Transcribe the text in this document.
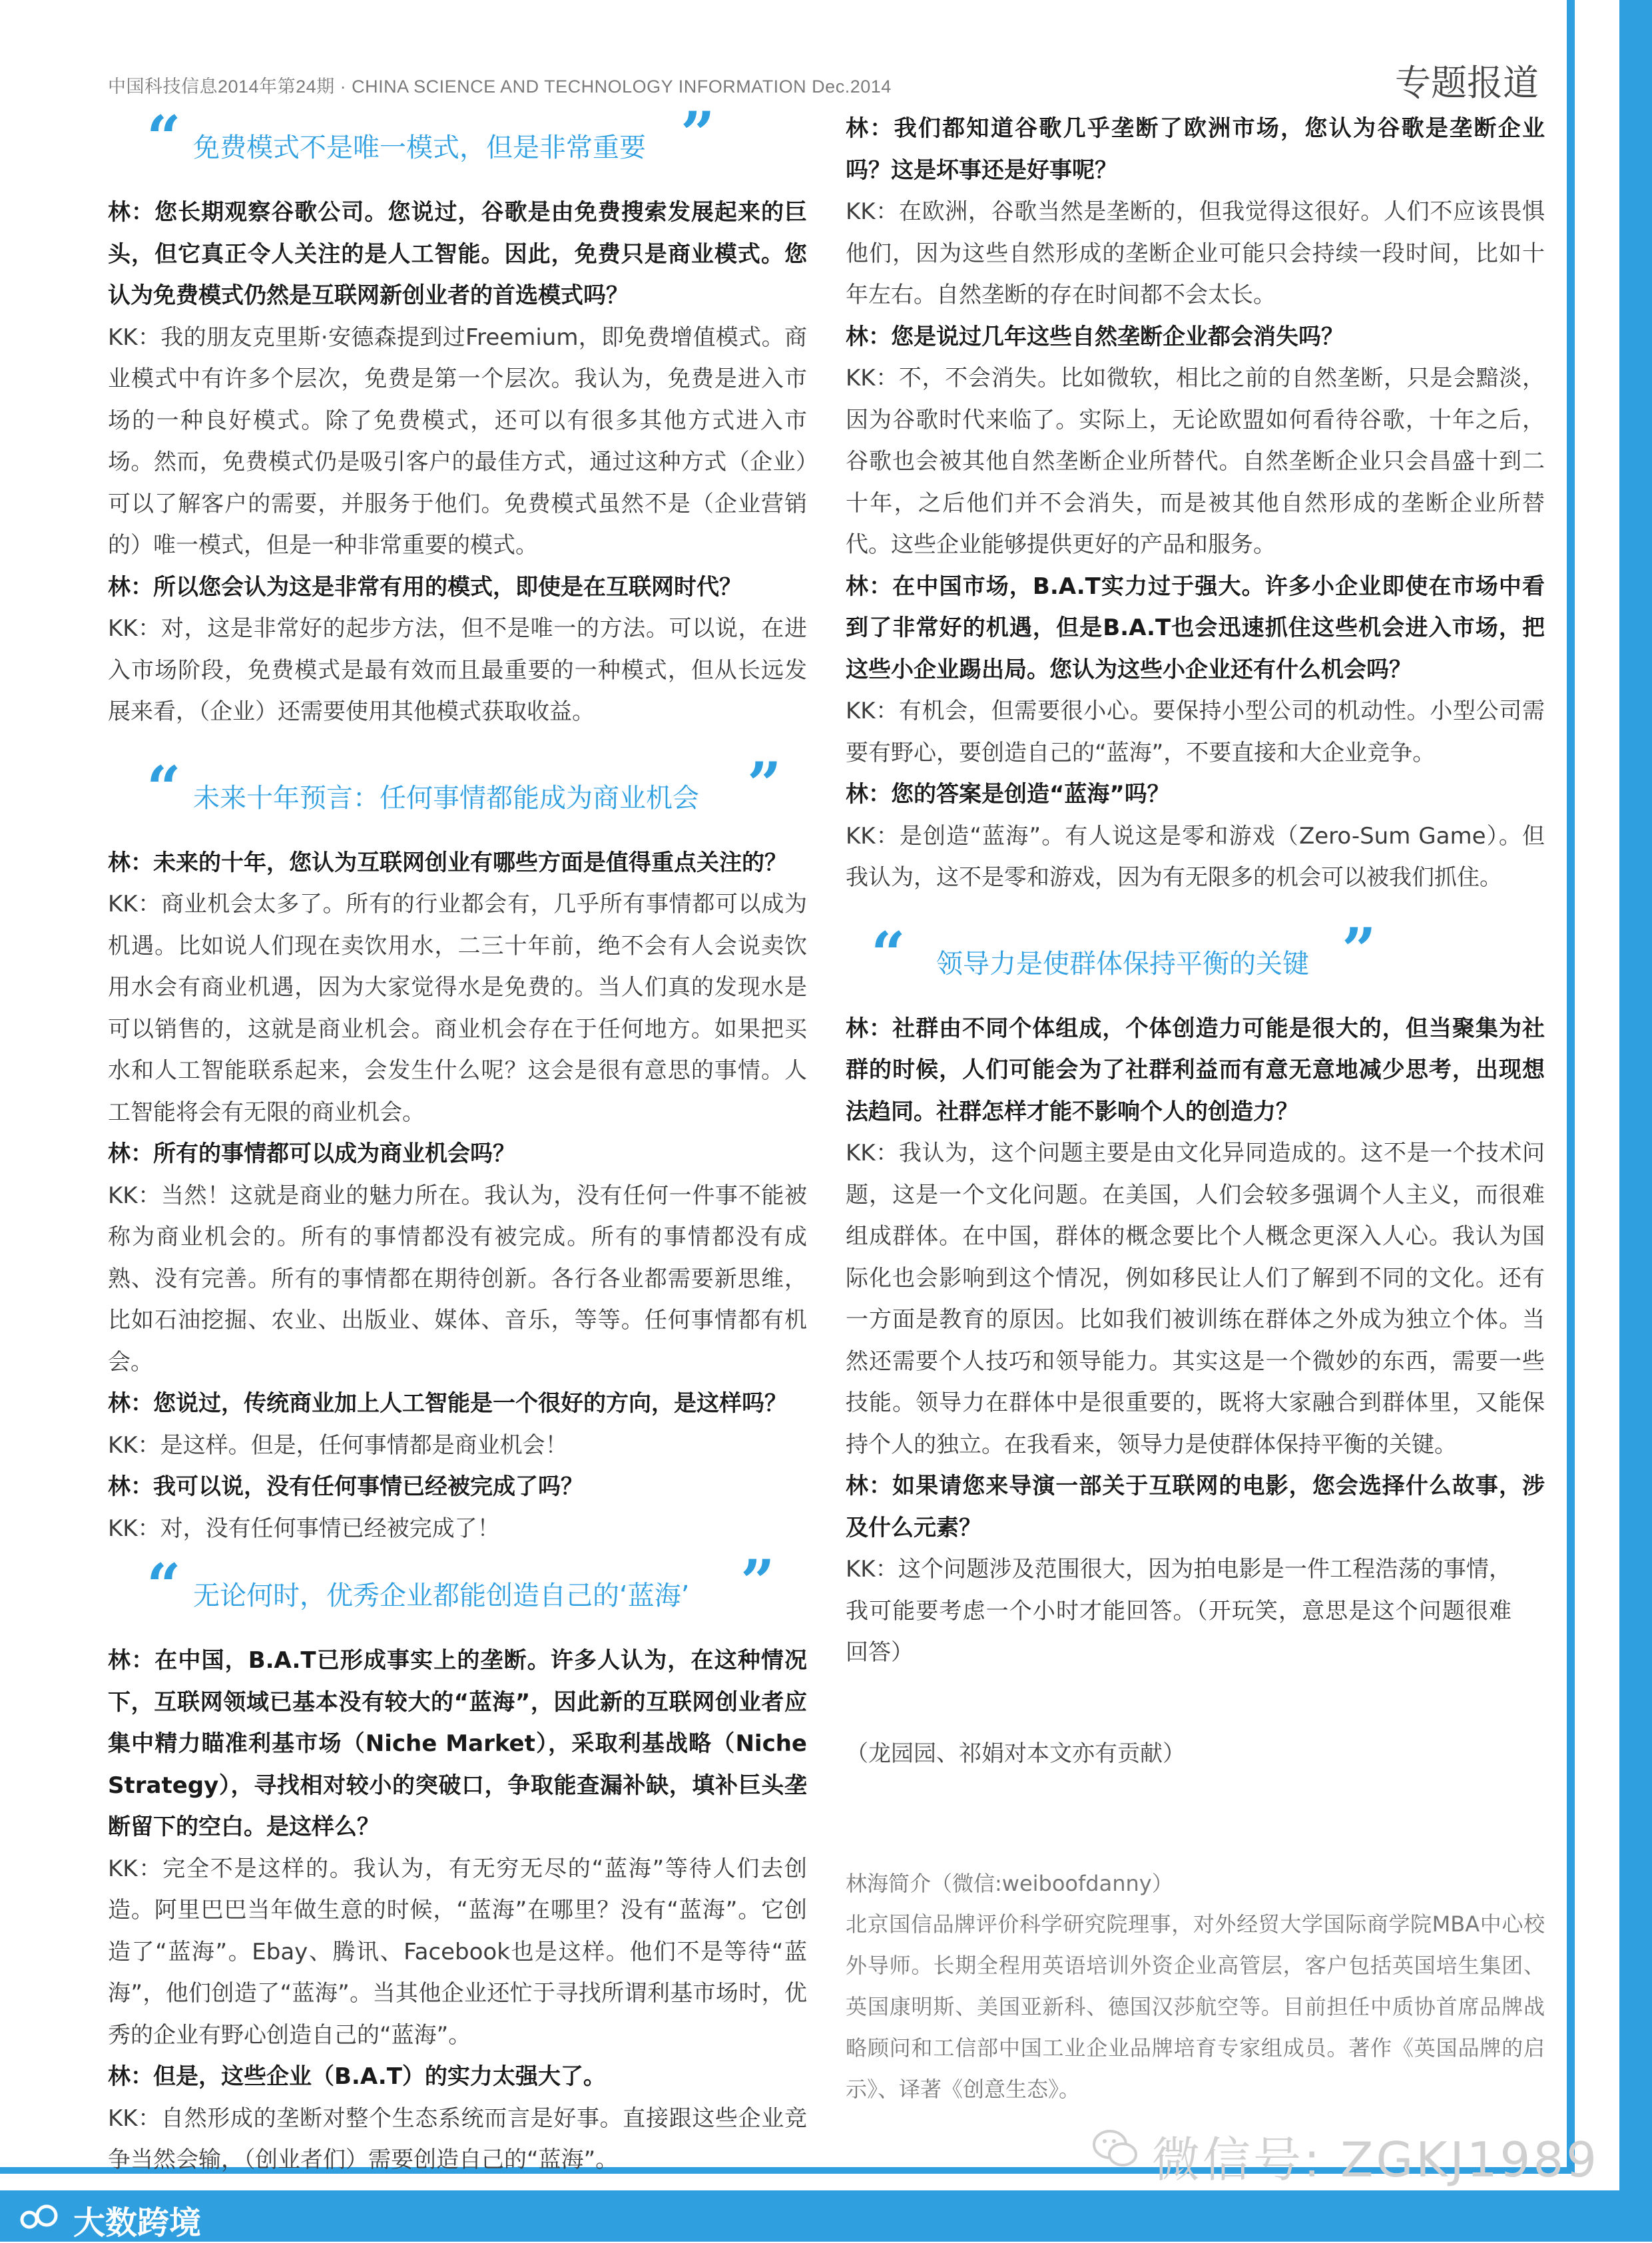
中国科技信息2014年第24期 · CHINA SCIENCE AND TECHNOLOGY INFORMATION Dec.2014	专题报道
“ 免费模式不是唯一模式，但是非常重要 ”

林：您长期观察谷歌公司。您说过，谷歌是由免费搜索发展起来的巨头，但它真正令人关注的是人工智能。因此，免费只是商业模式。您认为免费模式仍然是互联网新创业者的首选模式吗？

KK：我的朋友克里斯·安德森提到过Freemium，即免费增值模式。商业模式中有许多个层次，免费是第一个层次。我认为，免费是进入市场的一种良好模式。除了免费模式，还可以有很多其他方式进入市场。然而，免费模式仍是吸引客户的最佳方式，通过这种方式（企业）可以了解客户的需要，并服务于他们。免费模式虽然不是（企业营销的）唯一模式，但是一种非常重要的模式。

林：所以您会认为这是非常有用的模式，即使是在互联网时代？

KK：对，这是非常好的起步方法，但不是唯一的方法。可以说，在进入市场阶段，免费模式是最有效而且最重要的一种模式，但从长远发展来看，（企业）还需要使用其他模式获取收益。

“ 未来十年预言：任何事情都能成为商业机会 ”

林：未来的十年，您认为互联网创业有哪些方面是值得重点关注的？

KK：商业机会太多了。所有的行业都会有，几乎所有事情都可以成为机遇。比如说人们现在卖饮用水，二三十年前，绝不会有人会说卖饮用水会有商业机遇，因为大家觉得水是免费的。当人们真的发现水是可以销售的，这就是商业机会。商业机会存在于任何地方。如果把买水和人工智能联系起来，会发生什么呢？这会是很有意思的事情。人工智能将会有无限的商业机会。

林：所有的事情都可以成为商业机会吗？

KK：当然！这就是商业的魅力所在。我认为，没有任何一件事不能被称为商业机会的。所有的事情都没有被完成。所有的事情都没有成熟、没有完善。所有的事情都在期待创新。各行各业都需要新思维，比如石油挖掘、农业、出版业、媒体、音乐，等等。任何事情都有机会。

林：您说过，传统商业加上人工智能是一个很好的方向，是这样吗？

KK：是这样。但是，任何事情都是商业机会！

林：我可以说，没有任何事情已经被完成了吗？

KK：对，没有任何事情已经被完成了！

“ 无论何时，优秀企业都能创造自己的‘蓝海’ ”

林：在中国，B.A.T已形成事实上的垄断。许多人认为，在这种情况下，互联网领域已基本没有较大的“蓝海”，因此新的互联网创业者应集中精力瞄准利基市场（Niche Market），采取利基战略（Niche Strategy），寻找相对较小的突破口，争取能查漏补缺，填补巨头垄断留下的空白。是这样么？

KK：完全不是这样的。我认为，有无穷无尽的“蓝海”等待人们去创造。阿里巴巴当年做生意的时候，“蓝海”在哪里？没有“蓝海”。它创造了“蓝海”。Ebay、腾讯、Facebook也是这样。他们不是等待“蓝海”，他们创造了“蓝海”。当其他企业还忙于寻找所谓利基市场时，优秀的企业有野心创造自己的“蓝海”。

林：但是，这些企业（B.A.T）的实力太强大了。

KK：自然形成的垄断对整个生态系统而言是好事。直接跟这些企业竞争当然会输，（创业者们）需要创造自己的“蓝海”。

林：我们都知道谷歌几乎垄断了欧洲市场，您认为谷歌是垄断企业吗？这是坏事还是好事呢？

KK：在欧洲，谷歌当然是垄断的，但我觉得这很好。人们不应该畏惧他们，因为这些自然形成的垄断企业可能只会持续一段时间，比如十年左右。自然垄断的存在时间都不会太长。

林：您是说过几年这些自然垄断企业都会消失吗？

KK：不，不会消失。比如微软，相比之前的自然垄断，只是会黯淡，因为谷歌时代来临了。实际上，无论欧盟如何看待谷歌，十年之后，谷歌也会被其他自然垄断企业所替代。自然垄断企业只会昌盛十到二十年，之后他们并不会消失，而是被其他自然形成的垄断企业所替代。这些企业能够提供更好的产品和服务。

林：在中国市场，B.A.T实力过于强大。许多小企业即使在市场中看到了非常好的机遇，但是B.A.T也会迅速抓住这些机会进入市场，把这些小企业踢出局。您认为这些小企业还有什么机会吗？

KK：有机会，但需要很小心。要保持小型公司的机动性。小型公司需要有野心，要创造自己的“蓝海”，不要直接和大企业竞争。

林：您的答案是创造“蓝海”吗？

KK：是创造“蓝海”。有人说这是零和游戏（Zero-Sum Game）。但我认为，这不是零和游戏，因为有无限多的机会可以被我们抓住。

“ 领导力是使群体保持平衡的关键 ”

林：社群由不同个体组成，个体创造力可能是很大的，但当聚集为社群的时候，人们可能会为了社群利益而有意无意地减少思考，出现想法趋同。社群怎样才能不影响个人的创造力？

KK：我认为，这个问题主要是由文化异同造成的。这不是一个技术问题，这是一个文化问题。在美国，人们会较多强调个人主义，而很难组成群体。在中国，群体的概念要比个人概念更深入人心。我认为国际化也会影响到这个情况，例如移民让人们了解到不同的文化。还有一方面是教育的原因。比如我们被训练在群体之外成为独立个体。当然还需要个人技巧和领导能力。其实这是一个微妙的东西，需要一些技能。领导力在群体中是很重要的，既将大家融合到群体里，又能保持个人的独立。在我看来，领导力是使群体保持平衡的关键。

林：如果请您来导演一部关于互联网的电影，您会选择什么故事，涉及什么元素？

KK：这个问题涉及范围很大，因为拍电影是一件工程浩荡的事情，我可能要考虑一个小时才能回答。（开玩笑，意思是这个问题很难回答）

（龙园园、祁娟对本文亦有贡献）
林海简介（微信:weiboofdanny）
北京国信品牌评价科学研究院理事，对外经贸大学国际商学院MBA中心校外导师。长期全程用英语培训外资企业高管层，客户包括英国培生集团、英国康明斯、美国亚新科、德国汉莎航空等。目前担任中质协首席品牌战略顾问和工信部中国工业企业品牌培育专家组成员。著作《英国品牌的启示》、译著《创意生态》。
微信号: ZGKJ1989
大数跨境
